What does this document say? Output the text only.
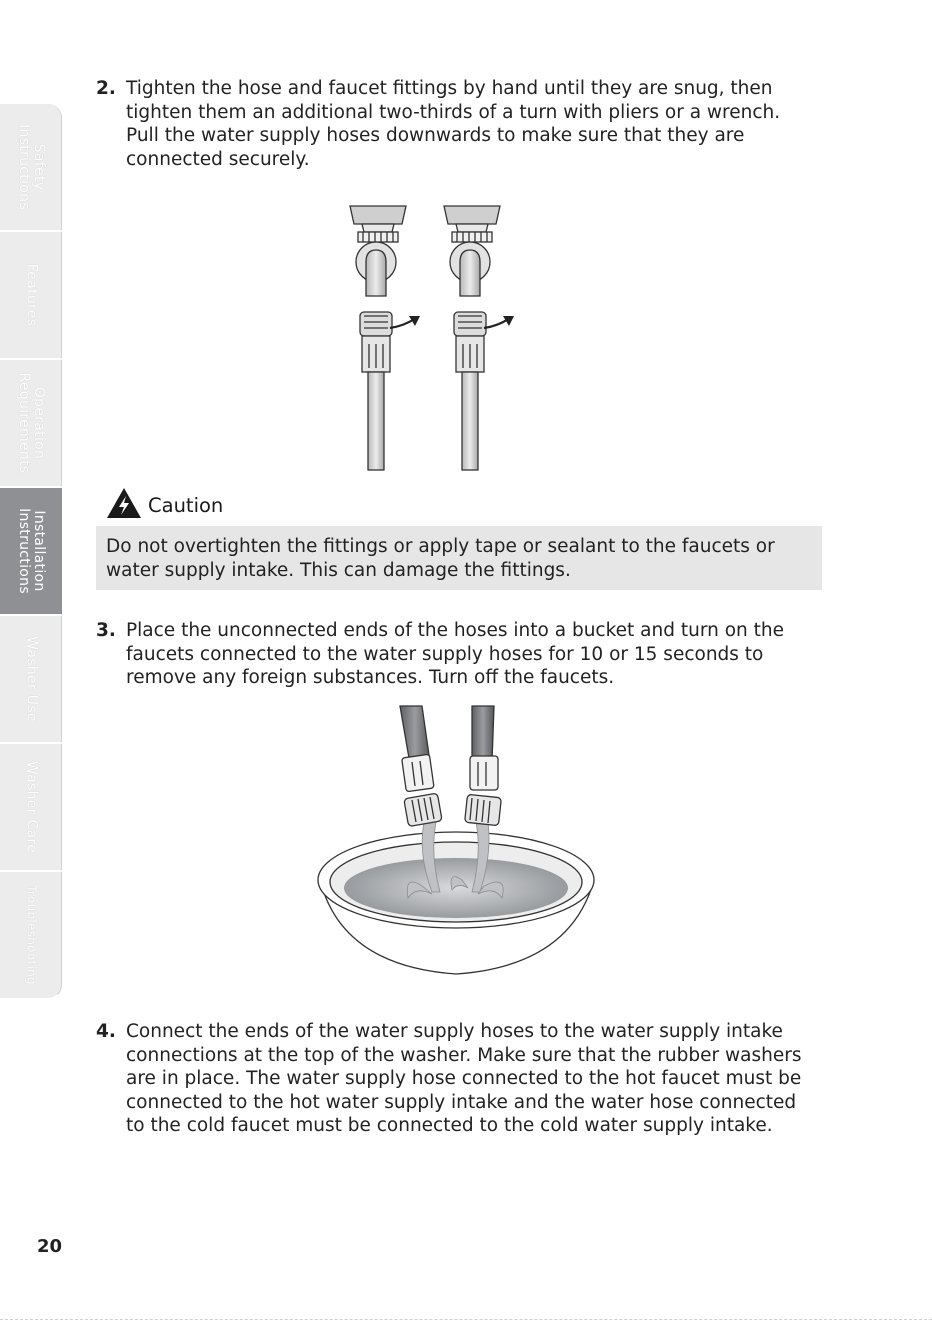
Safety
Instructions
Features
Operation
Requirements
Installation
Instructions
Washer Use
Washer Care
Troubleshooting
2. Tighten the hose and faucet fittings by hand until they are snug, then tighten them an additional two-thirds of a turn with pliers or a wrench. Pull the water supply hoses downwards to make sure that they are connected securely.
Caution
Do not overtighten the fittings or apply tape or sealant to the faucets or water supply intake. This can damage the fittings.
3. Place the unconnected ends of the hoses into a bucket and turn on the faucets connected to the water supply hoses for 10 or 15 seconds to remove any foreign substances. Turn off the faucets.
4. Connect the ends of the water supply hoses to the water supply intake connections at the top of the washer. Make sure that the rubber washers are in place. The water supply hose connected to the hot faucet must be connected to the hot water supply intake and the water hose connected to the cold faucet must be connected to the cold water supply intake.
20
